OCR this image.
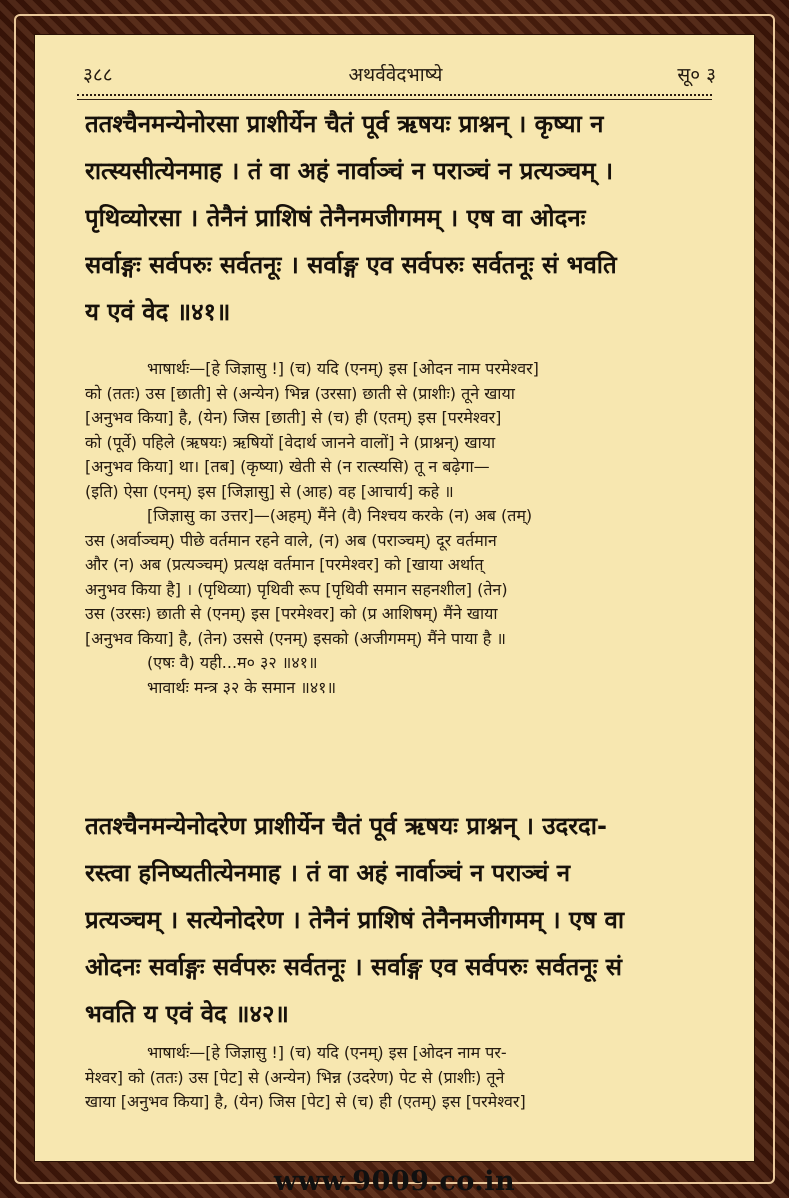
३८८	अथर्ववेदभाष्ये	सू० ३
ततश्चैनमन्येनोरसा प्राशीर्येन चैतं पूर्व ऋषयः प्राश्नन् । कृष्या न
रात्स्यसीत्येनमाह । तं वा अहं नार्वाञ्चं न पराञ्चं न प्रत्यञ्चम् ।
पृथिव्योरसा । तेनैनं प्राशिषं तेनैनमजीगमम् । एष वा ओदनः
सर्वाङ्गः सर्वपरुः सर्वतनूः । सर्वाङ्ग एव सर्वपरुः सर्वतनूः सं भवति
य एवं वेद ॥४१॥
भाषार्थः—[हे जिज्ञासु !] (च) यदि (एनम्) इस [ओदन नाम परमेश्वर]
को (ततः) उस [छाती] से (अन्येन) भिन्न (उरसा) छाती से (प्राशीः) तूने खाया
[अनुभव किया] है, (येन) जिस [छाती] से (च) ही (एतम्) इस [परमेश्वर]
को (पूर्वे) पहिले (ऋषयः) ऋषियों [वेदार्थ जानने वालों] ने (प्राश्नन्) खाया
[अनुभव किया] था। [तब] (कृष्या) खेती से (न रात्स्यसि) तू न बढ़ेगा—
(इति) ऐसा (एनम्) इस [जिज्ञासु] से (आह) वह [आचार्य] कहे ॥
[जिज्ञासु का उत्तर]—(अहम्) मैंने (वै) निश्चय करके (न) अब (तम्)
उस (अर्वाञ्चम्) पीछे वर्तमान रहने वाले, (न) अब (पराञ्चम्) दूर वर्तमान
और (न) अब (प्रत्यञ्चम्) प्रत्यक्ष वर्तमान [परमेश्वर] को [खाया अर्थात्
अनुभव किया है] । (पृथिव्या) पृथिवी रूप [पृथिवी समान सहनशील] (तेन)
उस (उरसः) छाती से (एनम्) इस [परमेश्वर] को (प्र आशिषम्) मैंने खाया
[अनुभव किया] है, (तेन) उससे (एनम्) इसको (अजीगमम्) मैंने पाया है ॥
(एषः वै) यही...म० ३२ ॥४१॥
भावार्थः मन्त्र ३२ के समान ॥४१॥
ततश्चैनमन्येनोदरेण प्राशीर्येन चैतं पूर्व ऋषयः प्राश्नन् । उदरदा-
रस्त्वा हनिष्यतीत्येनमाह । तं वा अहं नार्वाञ्चं न पराञ्चं न
प्रत्यञ्चम् । सत्येनोदरेण । तेनैनं प्राशिषं तेनैनमजीगमम् । एष वा
ओदनः सर्वाङ्गः सर्वपरुः सर्वतनूः । सर्वाङ्ग एव सर्वपरुः सर्वतनूः सं
भवति य एवं वेद ॥४२॥
भाषार्थः—[हे जिज्ञासु !] (च) यदि (एनम्) इस [ओदन नाम पर-
मेश्वर] को (ततः) उस [पेट] से (अन्येन) भिन्न (उदरेण) पेट से (प्राशीः) तूने
खाया [अनुभव किया] है, (येन) जिस [पेट] से (च) ही (एतम्) इस [परमेश्वर]
www.9009.co.in
